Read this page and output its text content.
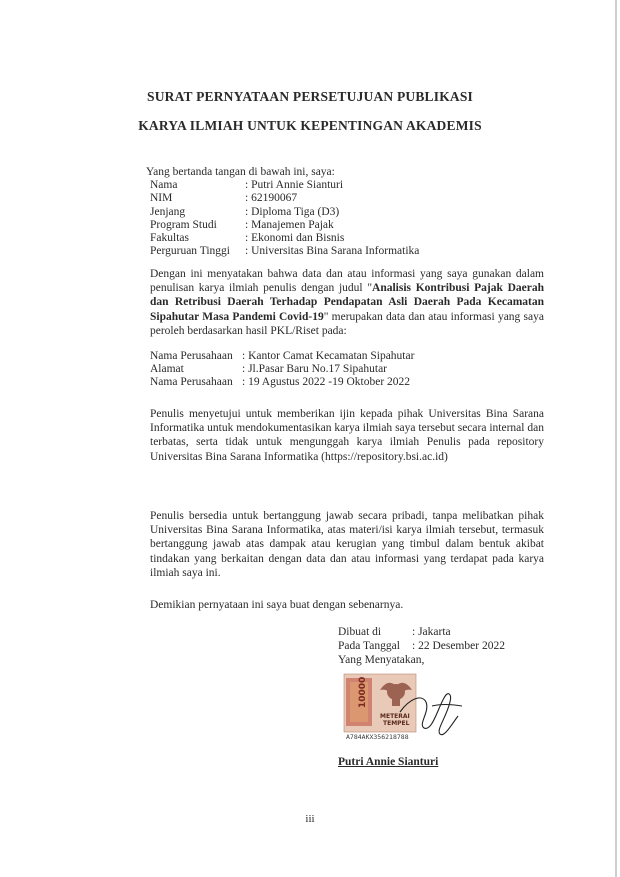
SURAT PERNYATAAN PERSETUJUAN PUBLIKASI
KARYA ILMIAH UNTUK KEPENTINGAN AKADEMIS
Yang bertanda tangan di bawah ini, saya:
Nama	: Putri Annie Sianturi
NIM	: 62190067
Jenjang	: Diploma Tiga (D3)
Program Studi	: Manajemen Pajak
Fakultas	: Ekonomi dan Bisnis
Perguruan Tinggi	: Universitas Bina Sarana Informatika
Dengan ini menyatakan bahwa data dan atau informasi yang saya gunakan dalam penulisan karya ilmiah penulis dengan judul "Analisis Kontribusi Pajak Daerah dan Retribusi Daerah Terhadap Pendapatan Asli Daerah Pada Kecamatan Sipahutar Masa Pandemi Covid-19" merupakan data dan atau informasi yang saya peroleh berdasarkan hasil PKL/Riset pada:
Nama Perusahaan	: Kantor Camat Kecamatan Sipahutar
Alamat	: Jl.Pasar Baru No.17 Sipahutar
Nama Perusahaan	: 19 Agustus 2022 -19 Oktober 2022
Penulis menyetujui untuk memberikan ijin kepada pihak Universitas Bina Sarana Informatika untuk mendokumentasikan karya ilmiah saya tersebut secara internal dan terbatas, serta tidak untuk mengunggah karya ilmiah Penulis pada repository Universitas Bina Sarana Informatika (https://repository.bsi.ac.id)
Penulis bersedia untuk bertanggung jawab secara pribadi, tanpa melibatkan pihak Universitas Bina Sarana Informatika, atas materi/isi karya ilmiah tersebut, termasuk bertanggung jawab atas dampak atau kerugian yang timbul dalam bentuk akibat tindakan yang berkaitan dengan data dan atau informasi yang terdapat pada karya ilmiah saya ini.
Demikian pernyataan ini saya buat dengan sebenarnya.
Dibuat di	: Jakarta
Pada Tanggal	: 22 Desember 2022
Yang Menyatakan,
10000
METERAI
TEMPEL
A784AKX356218788
Putri Annie Sianturi
iii
